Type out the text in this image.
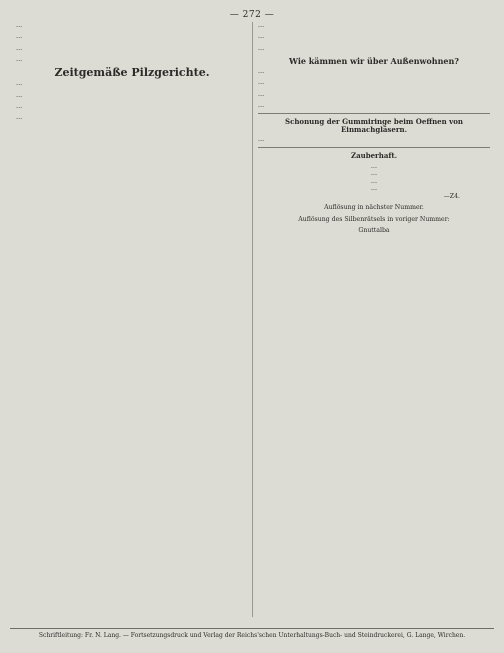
— 272 —

…

…

…

…

Zeitgemäße Pilzgerichte.

…

…

…

…

…

…

…

Wie kämmen wir über Außenwohnen?

…

…

…

…

Schonung der Gummiringe beim Oeffnen von Einmachgläsern.

…

Zauberhaft.
…
…
…
…
—Z4.
Auflösung in nächster Nummer.
Auflösung des Silbenrätsels in voriger Nummer:
Gnuttalba
Schriftleitung: Fr. N. Lang. — Fortsetzungsdruck und Verlag der Reichs'schen Unterhaltungs-Buch- und Steindruckerei, G. Lange, Wirchen.
